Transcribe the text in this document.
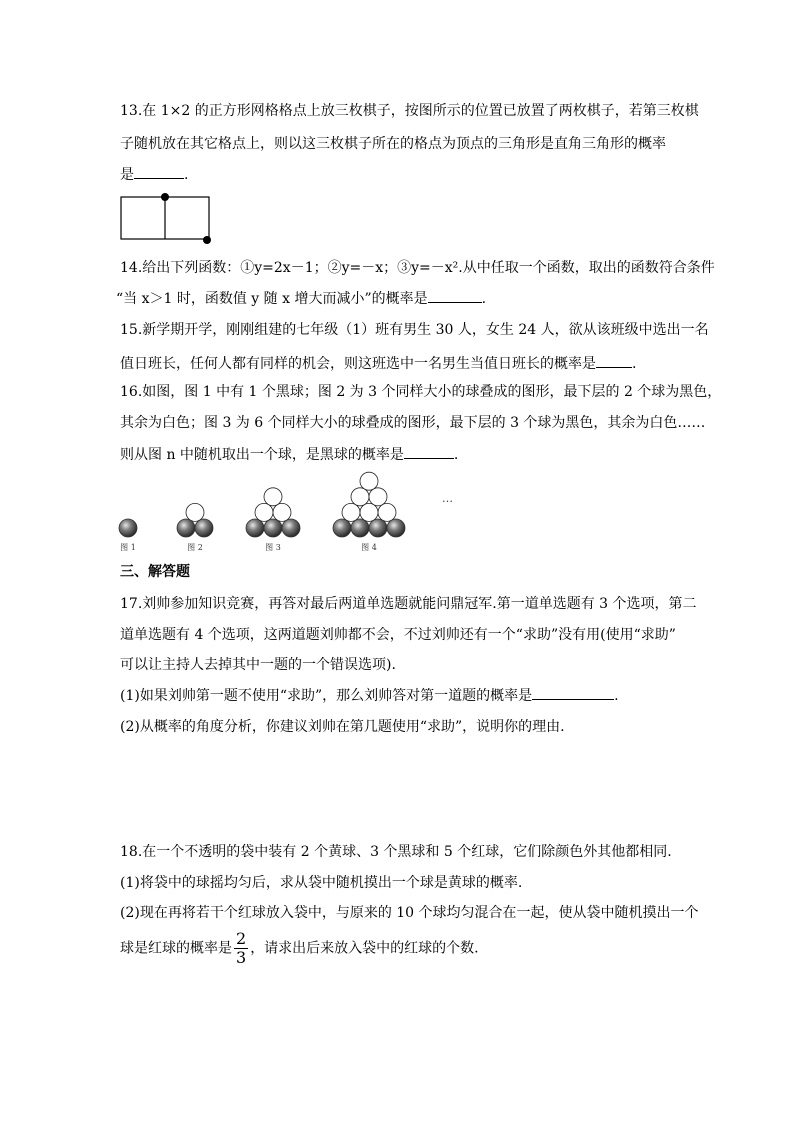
13.在 1×2 的正方形网格格点上放三枚棋子，按图所示的位置已放置了两枚棋子，若第三枚棋
子随机放在其它格点上，则以这三枚棋子所在的格点为顶点的三角形是直角三角形的概率
是	.
14.给出下列函数：①y=2x－1；②y=－x；③y=－x².从中任取一个函数，取出的函数符合条件
“当 x＞1 时，函数值 y 随 x 增大而减小”的概率是	.
15.新学期开学，刚刚组建的七年级（1）班有男生 30 人，女生 24 人，欲从该班级中选出一名
值日班长，任何人都有同样的机会，则这班选中一名男生当值日班长的概率是	.
16.如图，图 1 中有 1 个黑球；图 2 为 3 个同样大小的球叠成的图形，最下层的 2 个球为黑色，
其余为白色；图 3 为 6 个同样大小的球叠成的图形，最下层的 3 个球为黑色，其余为白色……
则从图 n 中随机取出一个球，是黑球的概率是	.
图 1	图 2	图 3	图 4
…
三、解答题
17.刘帅参加知识竞赛，再答对最后两道单选题就能问鼎冠军.第一道单选题有 3 个选项，第二
道单选题有 4 个选项，这两道题刘帅都不会，不过刘帅还有一个“求助”没有用(使用“求助”
可以让主持人去掉其中一题的一个错误选项).
(1)如果刘帅第一题不使用“求助”，那么刘帅答对第一道题的概率是	.
(2)从概率的角度分析，你建议刘帅在第几题使用“求助”，说明你的理由.
18.在一个不透明的袋中装有 2 个黄球、3 个黑球和 5 个红球，它们除颜色外其他都相同.
(1)将袋中的球摇均匀后，求从袋中随机摸出一个球是黄球的概率.
(2)现在再将若干个红球放入袋中，与原来的 10 个球均匀混合在一起，使从袋中随机摸出一个
球是红球的概率是 $\frac{2}{3}$ ，请求出后来放入袋中的红球的个数.
